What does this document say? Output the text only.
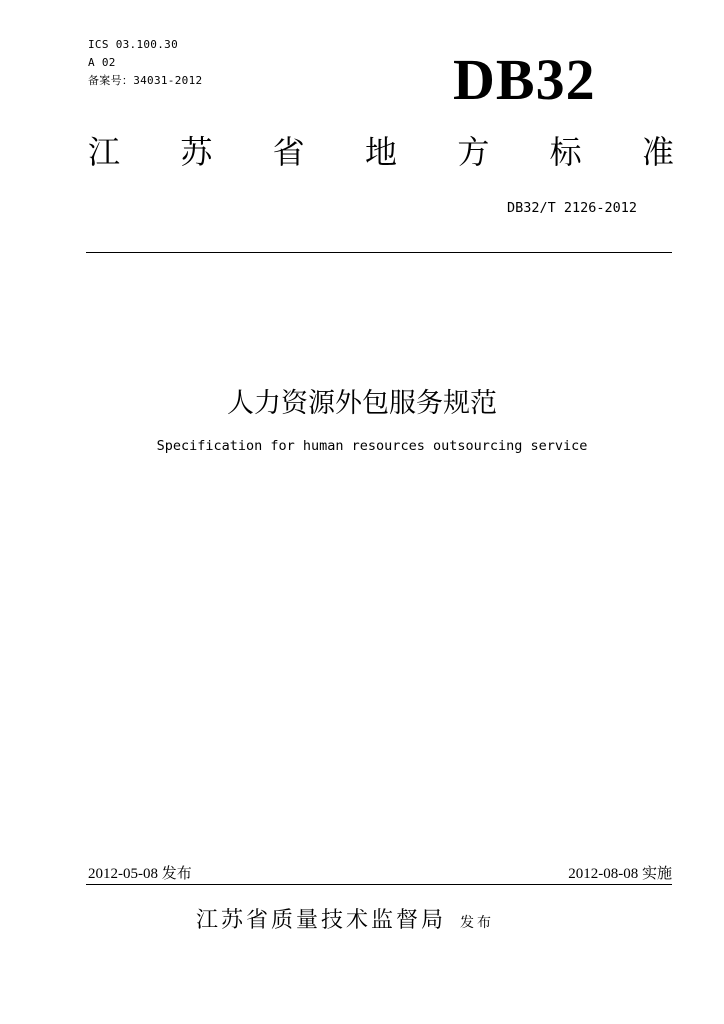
ICS 03.100.30
A 02
备案号：34031-2012	DB32
江 苏 省 地 方 标 准
DB32/T 2126-2012
人力资源外包服务规范
Specification for human resources outsourcing service
2012-05-08 发布	2012-08-08 实施
江苏省质量技术监督局 发布
